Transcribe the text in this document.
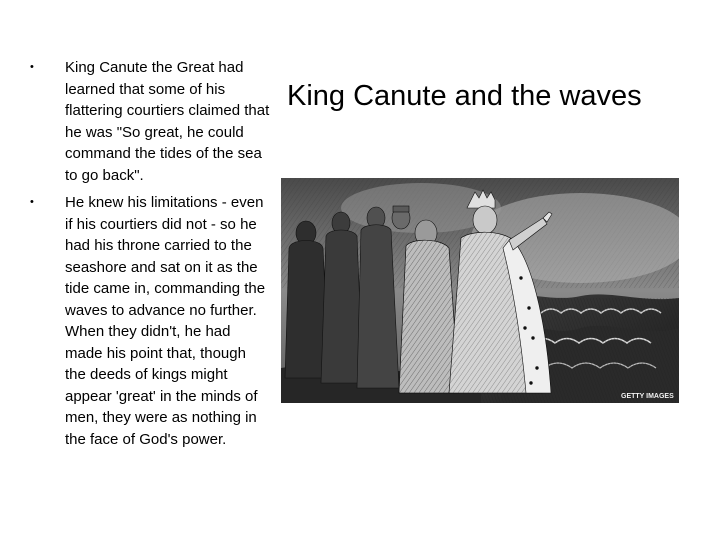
• King Canute the Great had learned that some of his flattering courtiers claimed that he was "So great, he could command the tides of the sea to go back".
• He knew his limitations - even if his courtiers did not - so he had his throne carried to the seashore and sat on it as the tide came in, commanding the waves to advance no further. When they didn't, he had made his point that, though the deeds of kings might appear 'great' in the minds of men, they were as nothing in the face of God's power.
King Canute and the waves
GETTY IMAGES
